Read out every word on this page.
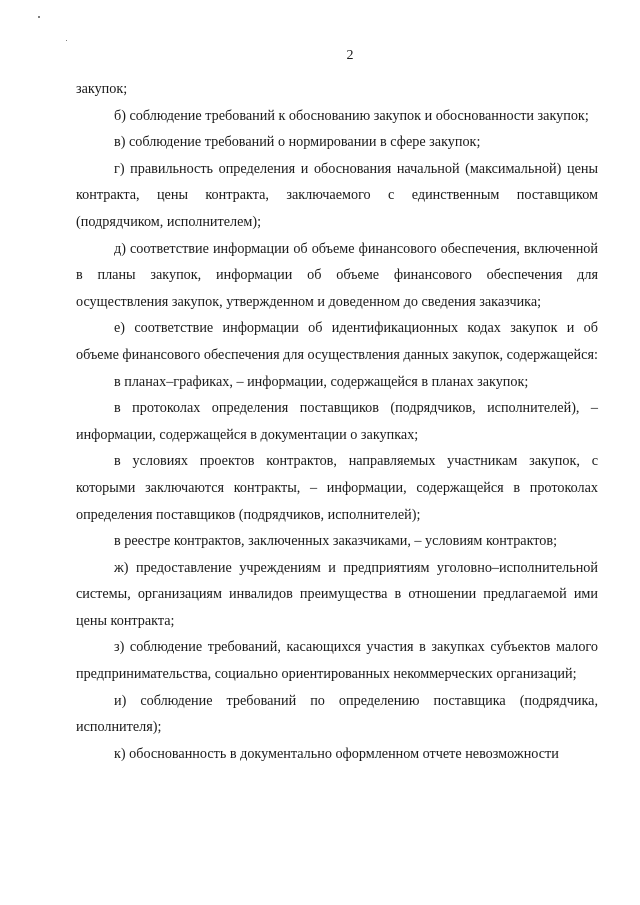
2

закупок;

б) соблюдение требований к обоснованию закупок и обоснованности закупок;

в) соблюдение требований о нормировании в сфере закупок;

г) правильность определения и обоснования начальной (максимальной) цены контракта, цены контракта, заключаемого с единственным поставщиком (подрядчиком, исполнителем);

д) соответствие информации об объеме финансового обеспечения, включенной в планы закупок, информации об объеме финансового обеспечения для осуществления закупок, утвержденном и доведенном до сведения заказчика;

е) соответствие информации об идентификационных кодах закупок и об объеме финансового обеспечения для осуществления данных закупок, содержащейся:

в планах–графиках, – информации, содержащейся в планах закупок;

в протоколах определения поставщиков (подрядчиков, исполнителей), – информации, содержащейся в документации о закупках;

в условиях проектов контрактов, направляемых участникам закупок, с которыми заключаются контракты, – информации, содержащейся в протоколах определения поставщиков (подрядчиков, исполнителей);

в реестре контрактов, заключенных заказчиками, – условиям контрактов;

ж) предоставление учреждениям и предприятиям уголовно–исполнительной системы, организациям инвалидов преимущества в отношении предлагаемой ими цены контракта;

з) соблюдение требований, касающихся участия в закупках субъектов малого предпринимательства, социально ориентированных некоммерческих организаций;

и) соблюдение требований по определению поставщика (подрядчика, исполнителя);

к) обоснованность в документально оформленном отчете невозможности
